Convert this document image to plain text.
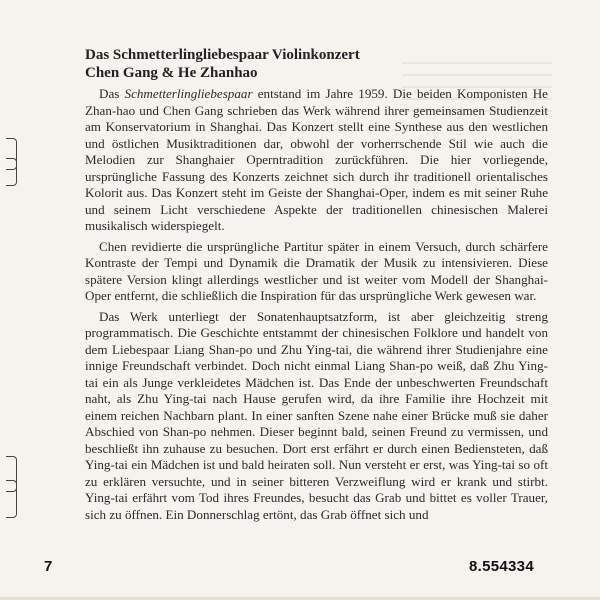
Das Schmetterlingliebespaar Violinkonzert
Chen Gang & He Zhanhao

Das Schmetterlingliebespaar entstand im Jahre 1959. Die beiden Komponisten He Zhan-hao und Chen Gang schrieben das Werk während ihrer gemeinsamen Studienzeit am Konservatorium in Shanghai. Das Konzert stellt eine Synthese aus den westlichen und östlichen Musiktraditionen dar, obwohl der vorherrschende Stil wie auch die Melodien zur Shanghaier Operntradition zurückführen. Die hier vorliegende, ursprüngliche Fassung des Konzerts zeichnet sich durch ihr traditionell orientalisches Kolorit aus. Das Konzert steht im Geiste der Shanghai-Oper, indem es mit seiner Ruhe und seinem Licht verschiedene Aspekte der traditionellen chinesischen Malerei musikalisch widerspiegelt.

Chen revidierte die ursprüngliche Partitur später in einem Versuch, durch schärfere Kontraste der Tempi und Dynamik die Dramatik der Musik zu intensivieren. Diese spätere Version klingt allerdings westlicher und ist weiter vom Modell der Shanghai-Oper entfernt, die schließlich die Inspiration für das ursprüngliche Werk gewesen war.

Das Werk unterliegt der Sonatenhauptsatzform, ist aber gleichzeitig streng programmatisch. Die Geschichte entstammt der chinesischen Folklore und handelt von dem Liebespaar Liang Shan-po und Zhu Ying-tai, die während ihrer Studienjahre eine innige Freundschaft verbindet. Doch nicht einmal Liang Shan-po weiß, daß Zhu Ying-tai ein als Junge verkleidetes Mädchen ist. Das Ende der unbeschwerten Freundschaft naht, als Zhu Ying-tai nach Hause gerufen wird, da ihre Familie ihre Hochzeit mit einem reichen Nachbarn plant. In einer sanften Szene nahe einer Brücke muß sie daher Abschied von Shan-po nehmen. Dieser beginnt bald, seinen Freund zu vermissen, und beschließt ihn zuhause zu besuchen. Dort erst erfährt er durch einen Bediensteten, daß Ying-tai ein Mädchen ist und bald heiraten soll. Nun versteht er erst, was Ying-tai so oft zu erklären versuchte, und in seiner bitteren Verzweiflung wird er krank und stirbt. Ying-tai erfährt vom Tod ihres Freundes, besucht das Grab und bittet es voller Trauer, sich zu öffnen. Ein Donnerschlag ertönt, das Grab öffnet sich und

7	8.554334
